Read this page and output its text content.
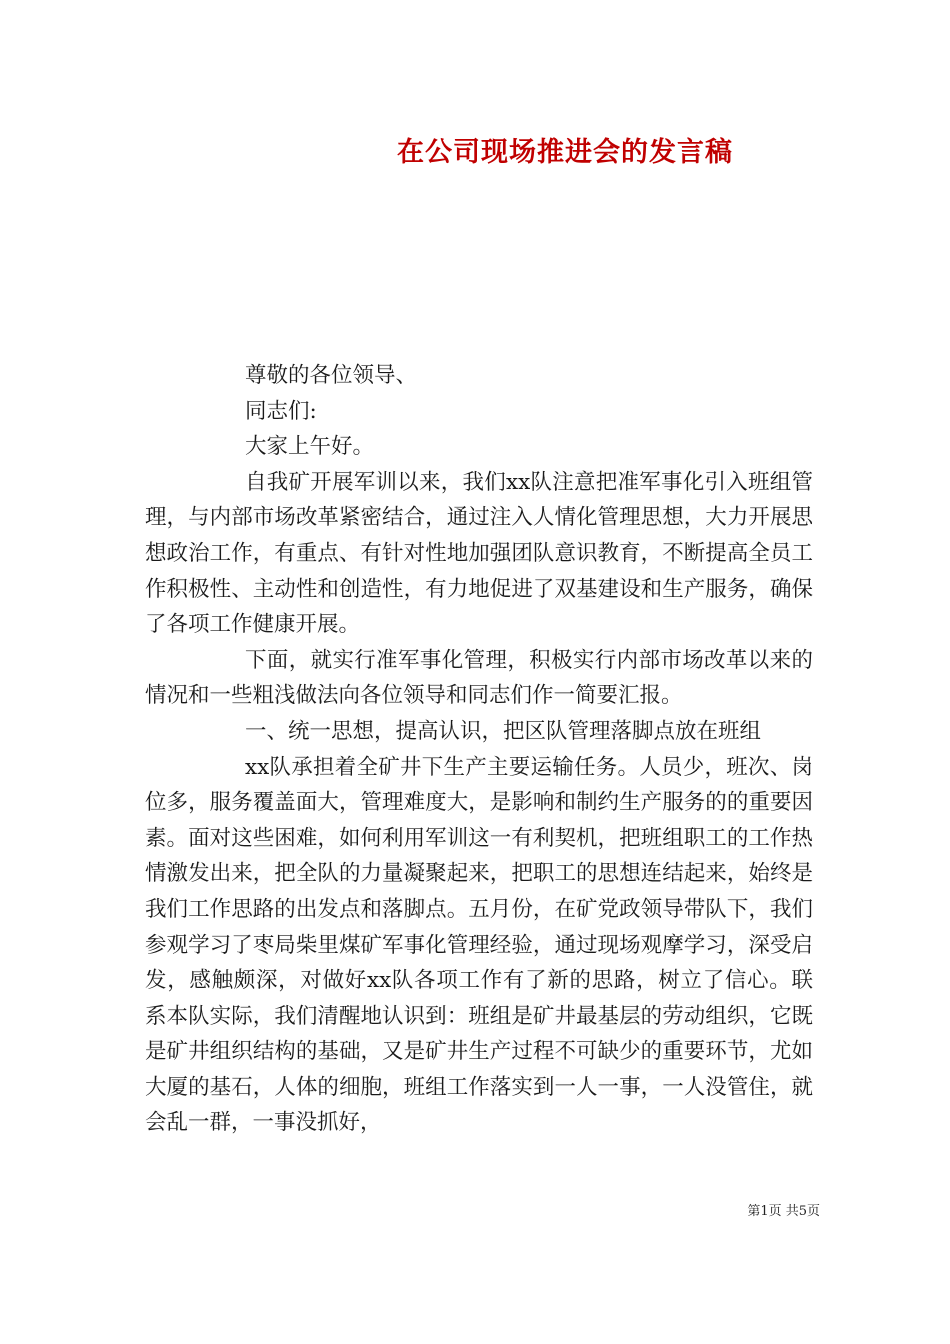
在公司现场推进会的发言稿

尊敬的各位领导、

同志们:

大家上午好。

自我矿开展军训以来，我们xx队注意把准军事化引入班组管理，与内部市场改革紧密结合，通过注入人情化管理思想，大力开展思想政治工作，有重点、有针对性地加强团队意识教育，不断提高全员工作积极性、主动性和创造性，有力地促进了双基建设和生产服务，确保了各项工作健康开展。

下面，就实行准军事化管理，积极实行内部市场改革以来的情况和一些粗浅做法向各位领导和同志们作一简要汇报。

一、统一思想，提高认识，把区队管理落脚点放在班组

xx队承担着全矿井下生产主要运输任务。人员少，班次、岗位多，服务覆盖面大，管理难度大，是影响和制约生产服务的的重要因素。面对这些困难，如何利用军训这一有利契机，把班组职工的工作热情激发出来，把全队的力量凝聚起来，把职工的思想连结起来，始终是我们工作思路的出发点和落脚点。五月份，在矿党政领导带队下，我们参观学习了枣局柴里煤矿军事化管理经验，通过现场观摩学习，深受启发，感触颇深，对做好xx队各项工作有了新的思路，树立了信心。联系本队实际，我们清醒地认识到：班组是矿井最基层的劳动组织，它既是矿井组织结构的基础，又是矿井生产过程不可缺少的重要环节，尤如大厦的基石，人体的细胞，班组工作落实到一人一事，一人没管住，就会乱一群，一事没抓好，

第1页 共5页
